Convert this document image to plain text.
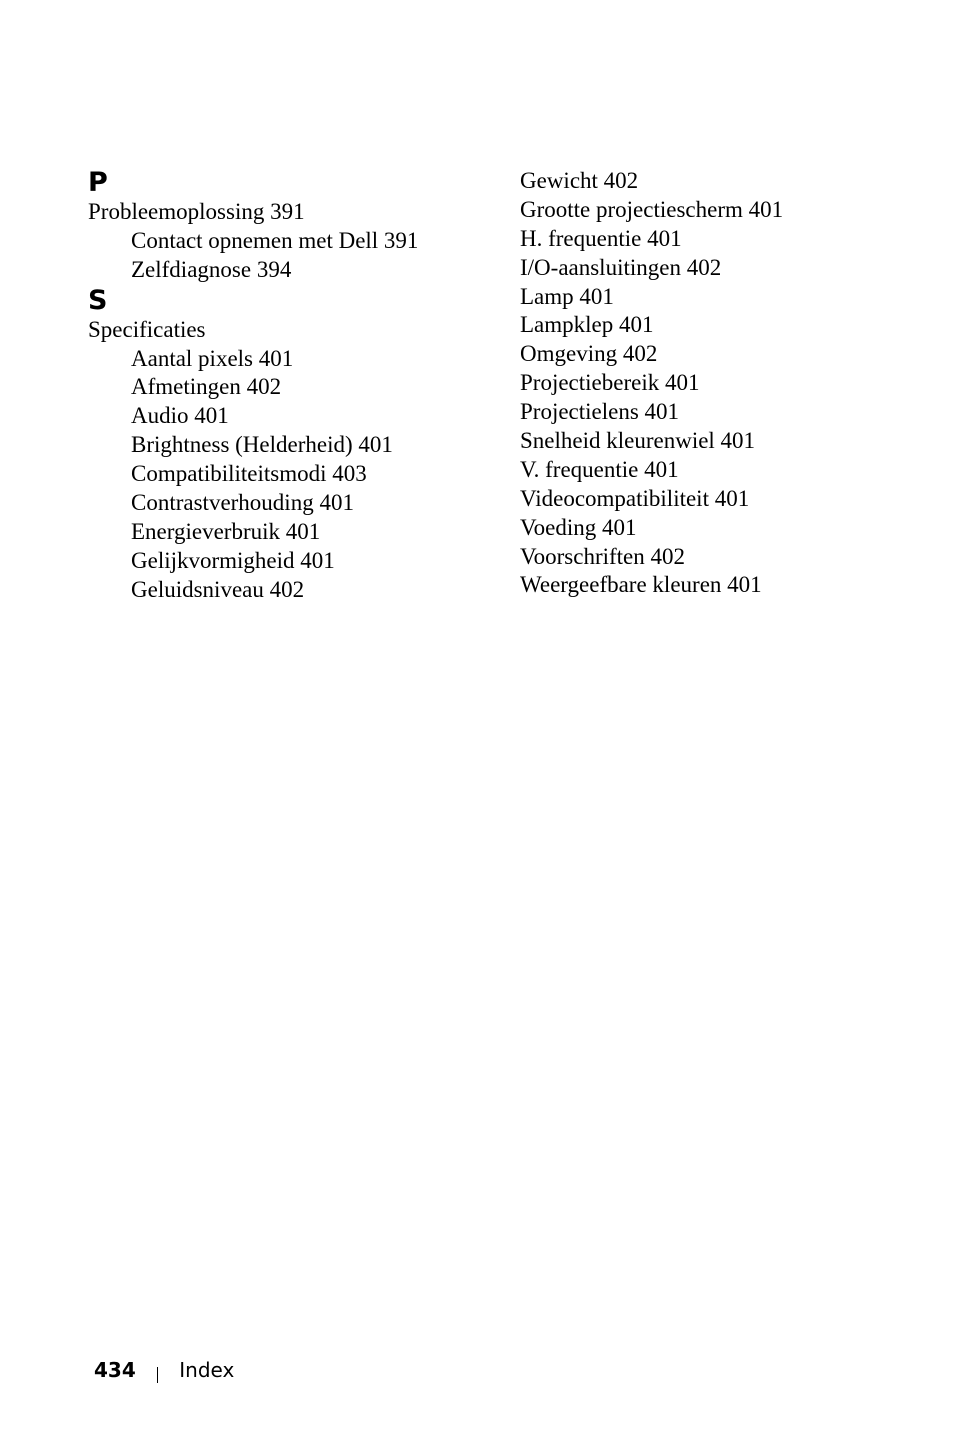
P
Probleemoplossing 391
Contact opnemen met Dell 391
Zelfdiagnose 394
S
Specificaties
Aantal pixels 401
Afmetingen 402
Audio 401
Brightness (Helderheid) 401
Compatibiliteitsmodi 403
Contrastverhouding 401
Energieverbruik 401
Gelijkvormigheid 401
Geluidsniveau 402
Gewicht 402
Grootte projectiescherm 401
H. frequentie 401
I/O-aansluitingen 402
Lamp 401
Lampklep 401
Omgeving 402
Projectiebereik 401
Projectielens 401
Snelheid kleurenwiel 401
V. frequentie 401
Videocompatibiliteit 401
Voeding 401
Voorschriften 402
Weergeefbare kleuren 401
434 Index
